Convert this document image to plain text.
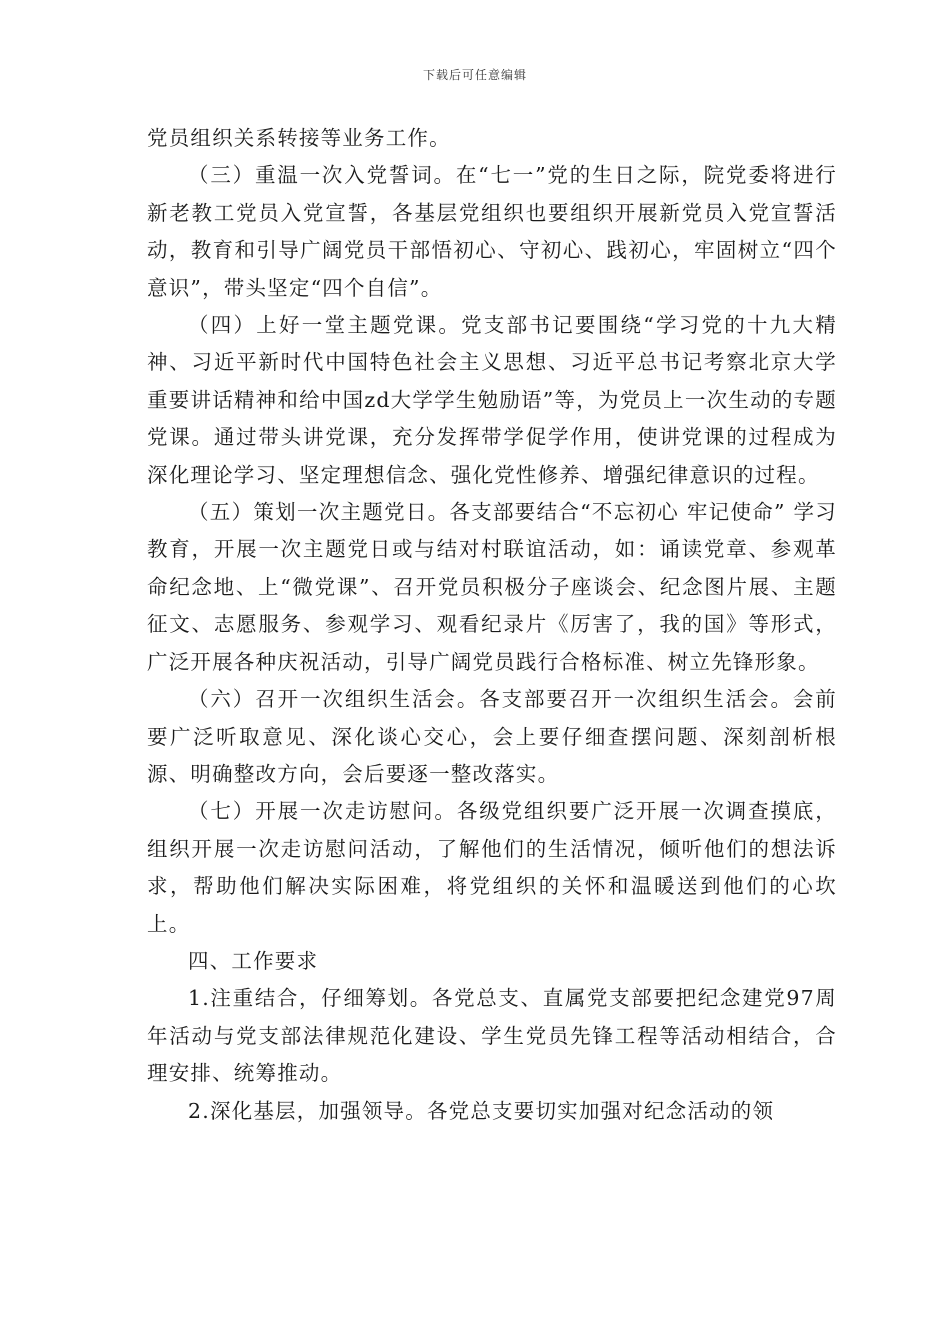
下载后可任意编辑

党员组织关系转接等业务工作。

（三）重温一次入党誓词。在“七一”党的生日之际，院党委将进行新老教工党员入党宣誓，各基层党组织也要组织开展新党员入党宣誓活动，教育和引导广阔党员干部悟初心、守初心、践初心，牢固树立“四个意识”，带头坚定“四个自信”。

（四）上好一堂主题党课。党支部书记要围绕“学习党的十九大精神、习近平新时代中国特色社会主义思想、习近平总书记考察北京大学重要讲话精神和给中国zd大学学生勉励语”等，为党员上一次生动的专题党课。通过带头讲党课，充分发挥带学促学作用，使讲党课的过程成为深化理论学习、坚定理想信念、强化党性修养、增强纪律意识的过程。

（五）策划一次主题党日。各支部要结合“不忘初心 牢记使命” 学习教育，开展一次主题党日或与结对村联谊活动，如：诵读党章、参观革命纪念地、上“微党课”、召开党员积极分子座谈会、纪念图片展、主题征文、志愿服务、参观学习、观看纪录片《厉害了，我的国》等形式，广泛开展各种庆祝活动，引导广阔党员践行合格标准、树立先锋形象。

（六）召开一次组织生活会。各支部要召开一次组织生活会。会前要广泛听取意见、深化谈心交心，会上要仔细查摆问题、深刻剖析根源、明确整改方向，会后要逐一整改落实。

（七）开展一次走访慰问。各级党组织要广泛开展一次调查摸底，组织开展一次走访慰问活动，了解他们的生活情况，倾听他们的想法诉求，帮助他们解决实际困难，将党组织的关怀和温暖送到他们的心坎上。

四、工作要求

1.注重结合，仔细筹划。各党总支、直属党支部要把纪念建党97周年活动与党支部法律规范化建设、学生党员先锋工程等活动相结合，合理安排、统筹推动。

2.深化基层，加强领导。各党总支要切实加强对纪念活动的领
